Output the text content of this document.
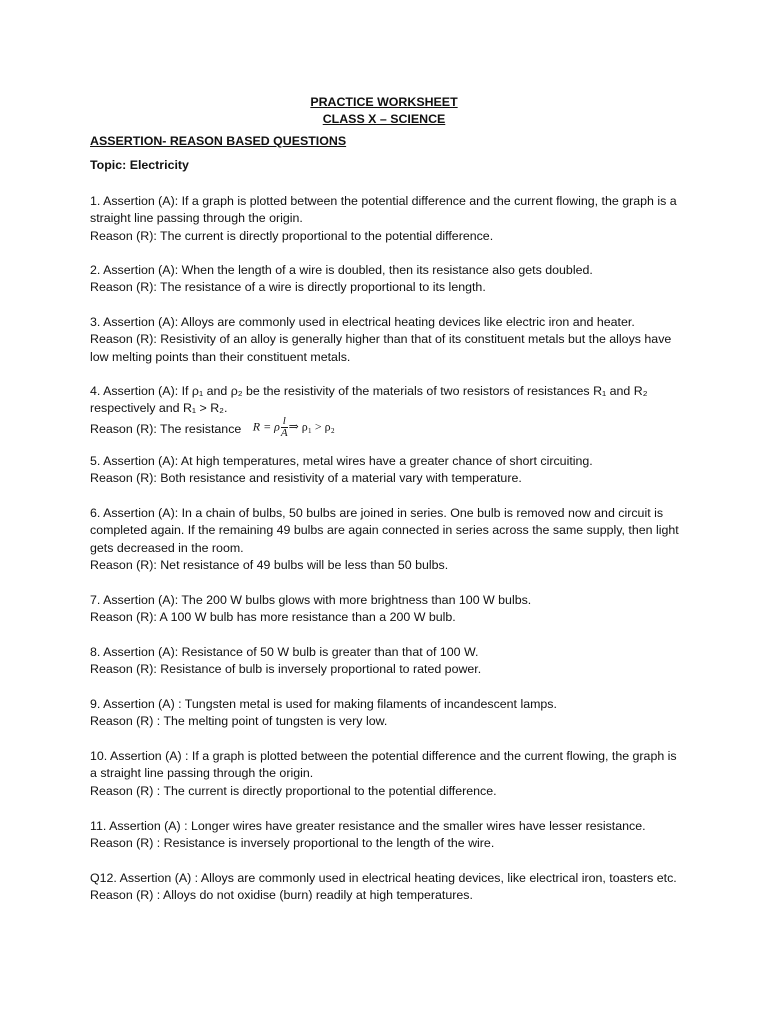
PRACTICE WORKSHEET
CLASS X – SCIENCE
ASSERTION- REASON BASED QUESTIONS
Topic: Electricity

1. Assertion (A): If a graph is plotted between the potential difference and the current flowing, the graph is a straight line passing through the origin.

Reason (R): The current is directly proportional to the potential difference.

2. Assertion (A): When the length of a wire is doubled, then its resistance also gets doubled.

Reason (R): The resistance of a wire is directly proportional to its length.

3. Assertion (A): Alloys are commonly used in electrical heating devices like electric iron and heater.

Reason (R): Resistivity of an alloy is generally higher than that of its constituent metals but the alloys have low melting points than their constituent metals.

4. Assertion (A): If ρ₁ and ρ₂ be the resistivity of the materials of two resistors of resistances R₁ and R₂ respectively and R₁ > R₂.

Reason (R): The resistance R = ρ $\frac{l}{A}$ ⇒ ρ₁ > ρ₂

5. Assertion (A): At high temperatures, metal wires have a greater chance of short circuiting.

Reason (R): Both resistance and resistivity of a material vary with temperature.

6. Assertion (A): In a chain of bulbs, 50 bulbs are joined in series. One bulb is removed now and circuit is completed again. If the remaining 49 bulbs are again connected in series across the same supply, then light gets decreased in the room.

Reason (R): Net resistance of 49 bulbs will be less than 50 bulbs.

7. Assertion (A): The 200 W bulbs glows with more brightness than 100 W bulbs.

Reason (R): A 100 W bulb has more resistance than a 200 W bulb.

8. Assertion (A): Resistance of 50 W bulb is greater than that of 100 W.

Reason (R): Resistance of bulb is inversely proportional to rated power.

9. Assertion (A) : Tungsten metal is used for making filaments of incandescent lamps.

Reason (R) : The melting point of tungsten is very low.

10. Assertion (A) : If a graph is plotted between the potential difference and the current flowing, the graph is a straight line passing through the origin.

Reason (R) : The current is directly proportional to the potential difference.

11. Assertion (A) : Longer wires have greater resistance and the smaller wires have lesser resistance.

Reason (R) : Resistance is inversely proportional to the length of the wire.

Q12. Assertion (A) : Alloys are commonly used in electrical heating devices, like electrical iron, toasters etc.

Reason (R) : Alloys do not oxidise (burn) readily at high temperatures.
